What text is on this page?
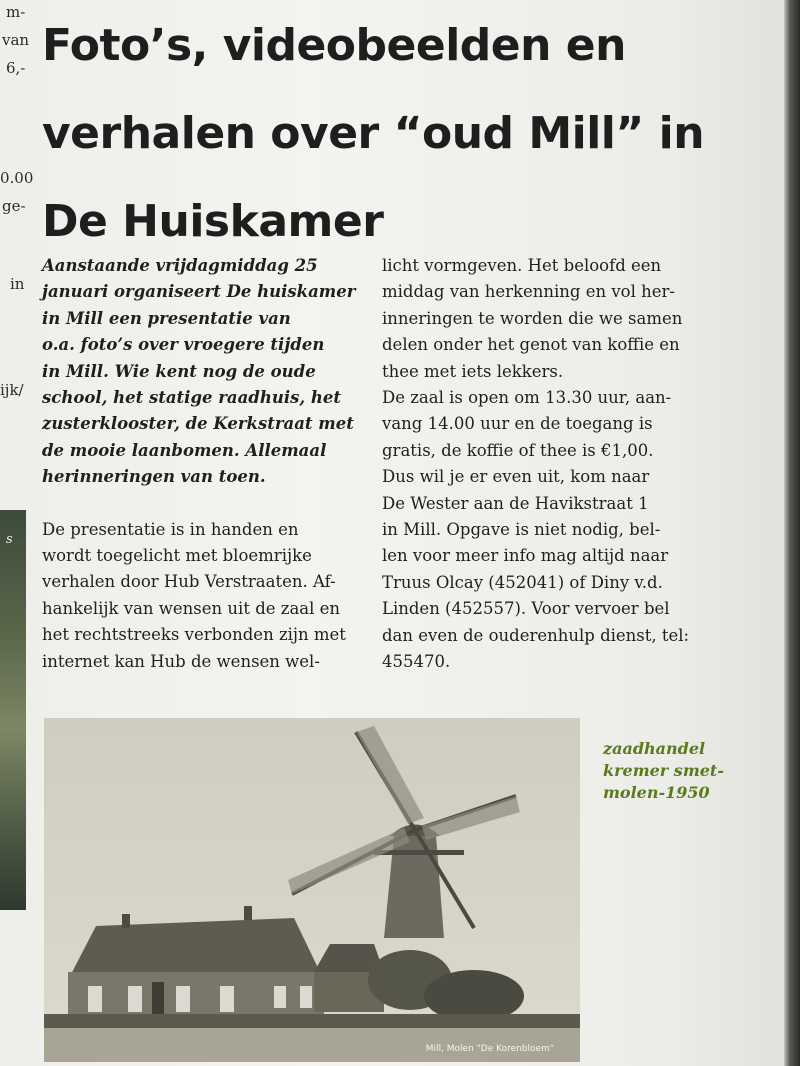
m-
van
6,-
0.00
ge-
in
ijk/
s
Foto’s, videobeelden en
verhalen over “oud Mill” in
De Huiskamer
Aanstaande vrijdagmiddag 25
januari organiseert De huiskamer
in Mill een presentatie van
o.a. foto’s over vroegere tijden
in Mill. Wie kent nog de oude
school, het statige raadhuis, het
zusterklooster, de Kerkstraat met
de mooie laanbomen. Allemaal
herinneringen van toen.
De presentatie is in handen en
wordt toegelicht met bloemrijke
verhalen door Hub Verstraaten. Af-
hankelijk van wensen uit de zaal en
het rechtstreeks verbonden zijn met
internet kan Hub de wensen wel-
licht vormgeven. Het beloofd een
middag van herkenning en vol her-
inneringen te worden die we samen
delen onder het genot van koffie en
thee met iets lekkers.
De zaal is open om 13.30 uur, aan-
vang 14.00 uur en de toegang is
gratis, de koffie of thee is €1,00.
Dus wil je er even uit, kom naar
De Wester aan de Havikstraat 1
in Mill. Opgave is niet nodig, bel-
len voor meer info mag altijd naar
Truus Olcay (452041) of Diny v.d.
Linden (452557). Voor vervoer bel
dan even de ouderenhulp dienst, tel:
455470.
Mill, Molen "De Korenbloem"
zaadhandel
kremer smet-
molen-1950
